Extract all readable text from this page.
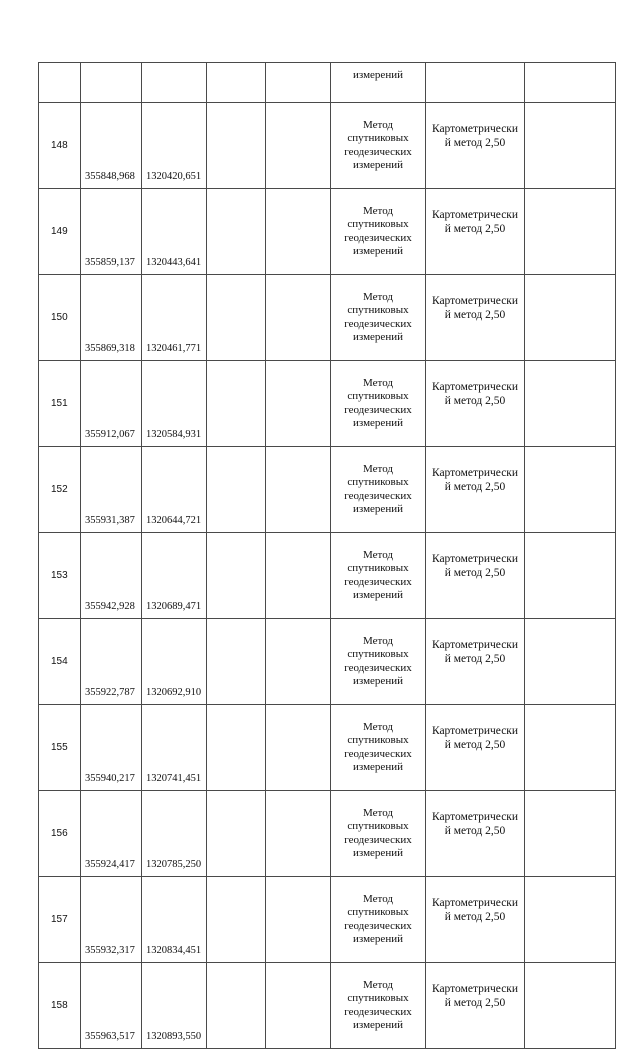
					измерений		
148	355848,968	1320420,651			Метод
спутниковых
геодезических
измерений	Картометрически
й метод 2,50	
149	355859,137	1320443,641			Метод
спутниковых
геодезических
измерений	Картометрически
й метод 2,50	
150	355869,318	1320461,771			Метод
спутниковых
геодезических
измерений	Картометрически
й метод 2,50	
151	355912,067	1320584,931			Метод
спутниковых
геодезических
измерений	Картометрически
й метод 2,50	
152	355931,387	1320644,721			Метод
спутниковых
геодезических
измерений	Картометрически
й метод 2,50	
153	355942,928	1320689,471			Метод
спутниковых
геодезических
измерений	Картометрически
й метод 2,50	
154	355922,787	1320692,910			Метод
спутниковых
геодезических
измерений	Картометрически
й метод 2,50	
155	355940,217	1320741,451			Метод
спутниковых
геодезических
измерений	Картометрически
й метод 2,50	
156	355924,417	1320785,250			Метод
спутниковых
геодезических
измерений	Картометрически
й метод 2,50	
157	355932,317	1320834,451			Метод
спутниковых
геодезических
измерений	Картометрически
й метод 2,50	
158	355963,517	1320893,550			Метод
спутниковых
геодезических
измерений	Картометрически
й метод 2,50	
